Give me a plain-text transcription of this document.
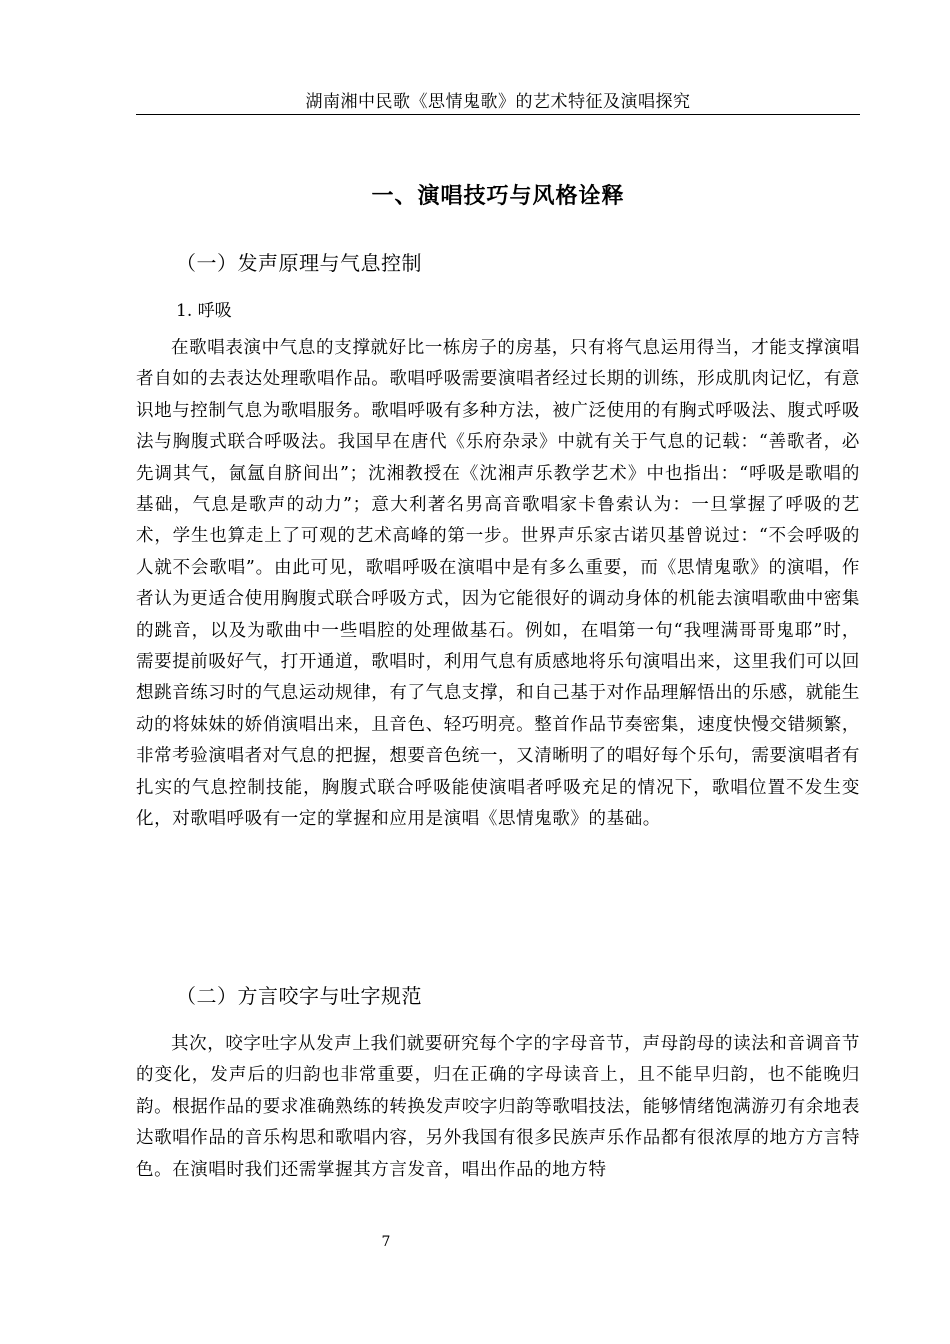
湖南湘中民歌《思情鬼歌》的艺术特征及演唱探究
一、演唱技巧与风格诠释
（一）发声原理与气息控制
1. 呼吸

在歌唱表演中气息的支撑就好比一栋房子的房基，只有将气息运用得当，才能支撑演唱者自如的去表达处理歌唱作品。歌唱呼吸需要演唱者经过长期的训练，形成肌肉记忆，有意识地与控制气息为歌唱服务。歌唱呼吸有多种方法，被广泛使用的有胸式呼吸法、腹式呼吸法与胸腹式联合呼吸法。我国早在唐代《乐府杂录》中就有关于气息的记载：“善歌者，必先调其气，氤氲自脐间出”；沈湘教授在《沈湘声乐教学艺术》中也指出：“呼吸是歌唱的基础，气息是歌声的动力”；意大利著名男高音歌唱家卡鲁索认为：一旦掌握了呼吸的艺术，学生也算走上了可观的艺术高峰的第一步。世界声乐家古诺贝基曾说过：“不会呼吸的人就不会歌唱”。由此可见，歌唱呼吸在演唱中是有多么重要，而《思情鬼歌》的演唱，作者认为更适合使用胸腹式联合呼吸方式，因为它能很好的调动身体的机能去演唱歌曲中密集的跳音，以及为歌曲中一些唱腔的处理做基石。例如，在唱第一句“我哩满哥哥鬼耶”时，需要提前吸好气，打开通道，歌唱时，利用气息有质感地将乐句演唱出来，这里我们可以回想跳音练习时的气息运动规律，有了气息支撑，和自己基于对作品理解悟出的乐感，就能生动的将妹妹的娇俏演唱出来，且音色、轻巧明亮。整首作品节奏密集，速度快慢交错频繁，非常考验演唱者对气息的把握，想要音色统一，又清晰明了的唱好每个乐句，需要演唱者有扎实的气息控制技能，胸腹式联合呼吸能使演唱者呼吸充足的情况下，歌唱位置不发生变化，对歌唱呼吸有一定的掌握和应用是演唱《思情鬼歌》的基础。

（二）方言咬字与吐字规范

其次，咬字吐字从发声上我们就要研究每个字的字母音节，声母韵母的读法和音调音节的变化，发声后的归韵也非常重要，归在正确的字母读音上，且不能早归韵，也不能晚归韵。根据作品的要求准确熟练的转换发声咬字归韵等歌唱技法，能够情绪饱满游刃有余地表达歌唱作品的音乐构思和歌唱内容，另外我国有很多民族声乐作品都有很浓厚的地方方言特色。在演唱时我们还需掌握其方言发音，唱出作品的地方特

7
